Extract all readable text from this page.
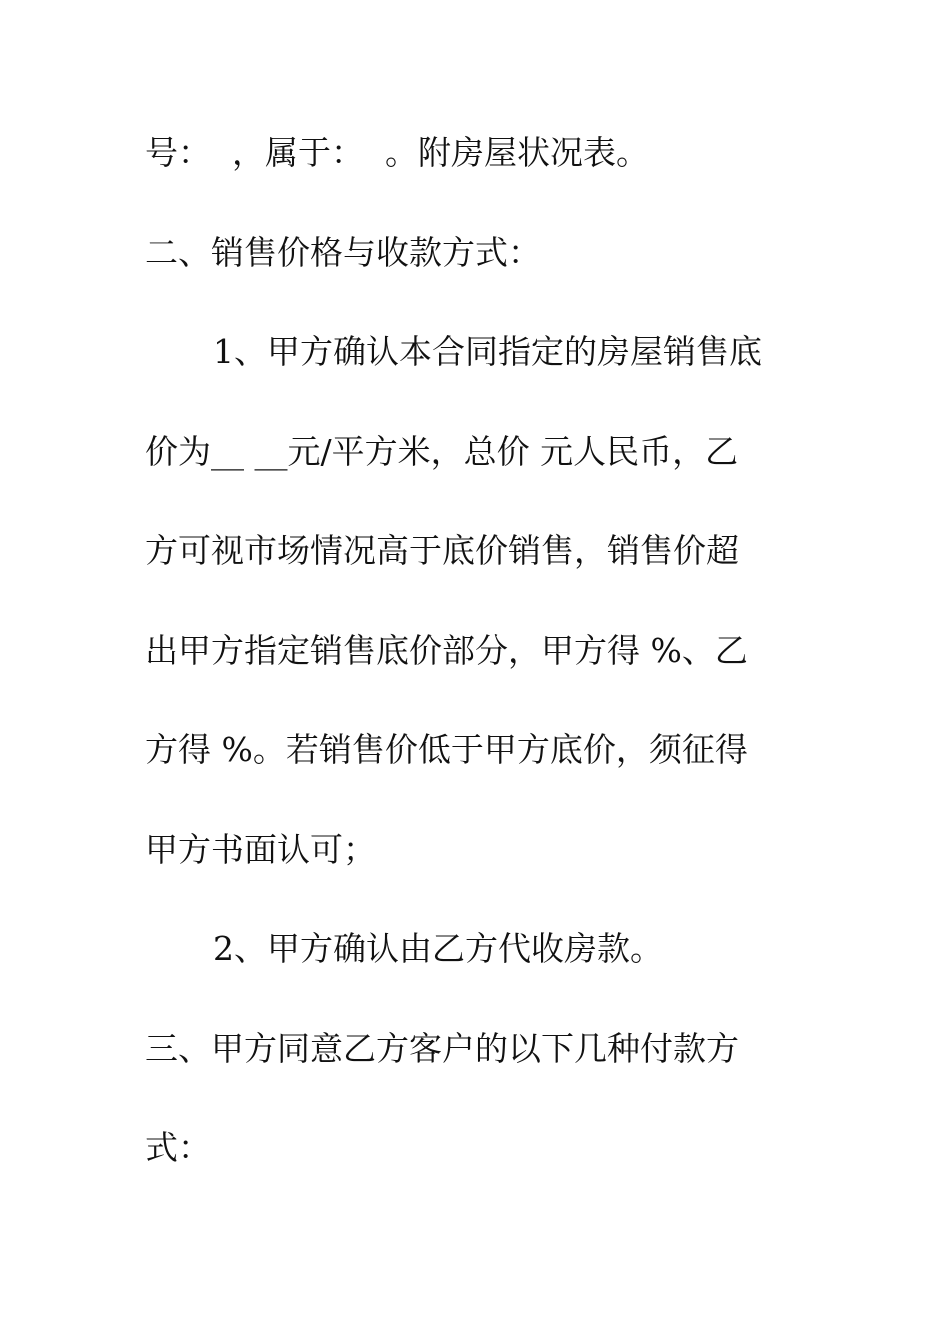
号：  ，属于：  。附房屋状况表。
二、销售价格与收款方式：
1、甲方确认本合同指定的房屋销售底
价为__ __元/平方米，总价 元人民币，乙
方可视市场情况高于底价销售，销售价超
出甲方指定销售底价部分，甲方得 %、乙
方得 %。若销售价低于甲方底价，须征得
甲方书面认可；
2、甲方确认由乙方代收房款。
三、甲方同意乙方客户的以下几种付款方
式：
